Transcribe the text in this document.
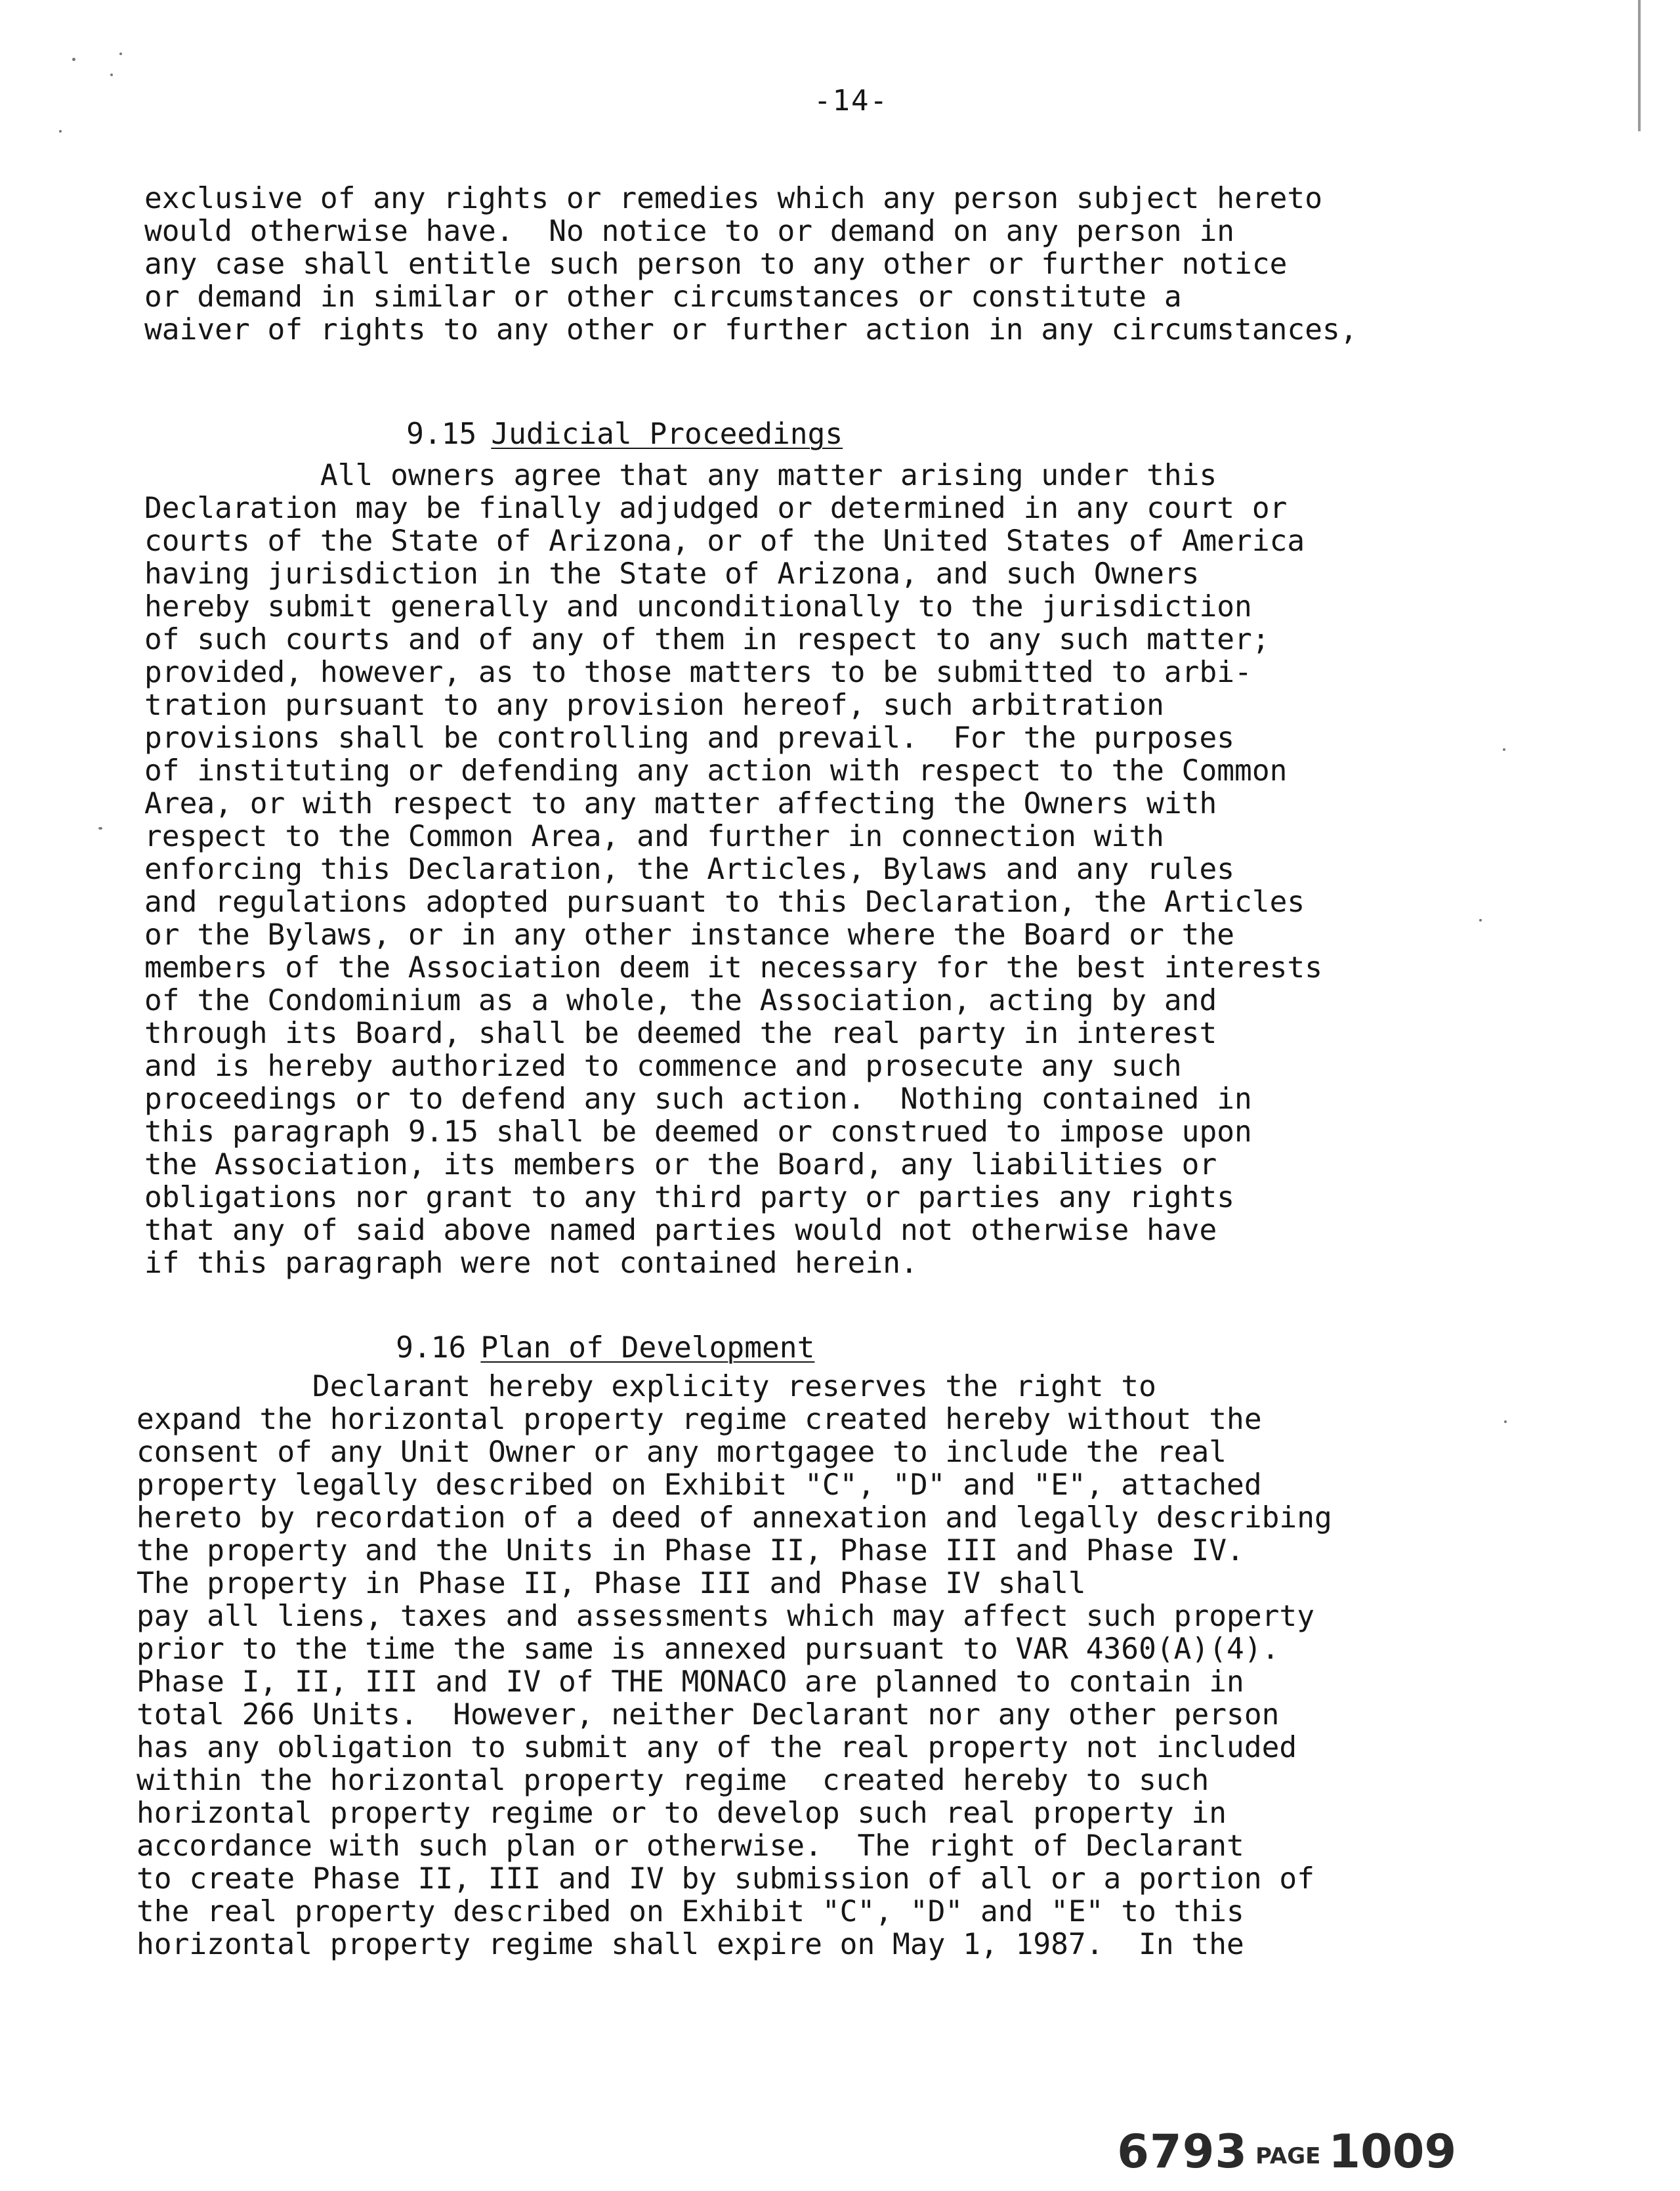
-14-
exclusive of any rights or remedies which any person subject hereto
would otherwise have.  No notice to or demand on any person in
any case shall entitle such person to any other or further notice
or demand in similar or other circumstances or constitute a
waiver of rights to any other or further action in any circumstances,

9.15 Judicial Proceedings

All owners agree that any matter arising under this
Declaration may be finally adjudged or determined in any court or
courts of the State of Arizona, or of the United States of America
having jurisdiction in the State of Arizona, and such Owners
hereby submit generally and unconditionally to the jurisdiction
of such courts and of any of them in respect to any such matter;
provided, however, as to those matters to be submitted to arbi-
tration pursuant to any provision hereof, such arbitration
provisions shall be controlling and prevail.  For the purposes
of instituting or defending any action with respect to the Common
Area, or with respect to any matter affecting the Owners with
respect to the Common Area, and further in connection with
enforcing this Declaration, the Articles, Bylaws and any rules
and regulations adopted pursuant to this Declaration, the Articles
or the Bylaws, or in any other instance where the Board or the
members of the Association deem it necessary for the best interests
of the Condominium as a whole, the Association, acting by and
through its Board, shall be deemed the real party in interest
and is hereby authorized to commence and prosecute any such
proceedings or to defend any such action.  Nothing contained in
this paragraph 9.15 shall be deemed or construed to impose upon
the Association, its members or the Board, any liabilities or
obligations nor grant to any third party or parties any rights
that any of said above named parties would not otherwise have
if this paragraph were not contained herein.

9.16 Plan of Development

Declarant hereby explicity reserves the right to
expand the horizontal property regime created hereby without the
consent of any Unit Owner or any mortgagee to include the real
property legally described on Exhibit "C", "D" and "E", attached
hereto by recordation of a deed of annexation and legally describing
the property and the Units in Phase II, Phase III and Phase IV.
The property in Phase II, Phase III and Phase IV shall
pay all liens, taxes and assessments which may affect such property
prior to the time the same is annexed pursuant to VAR 4360(A)(4).
Phase I, II, III and IV of THE MONACO are planned to contain in
total 266 Units.  However, neither Declarant nor any other person
has any obligation to submit any of the real property not included
within the horizontal property regime  created hereby to such
horizontal property regime or to develop such real property in
accordance with such plan or otherwise.  The right of Declarant
to create Phase II, III and IV by submission of all or a portion of
the real property described on Exhibit "C", "D" and "E" to this
horizontal property regime shall expire on May 1, 1987.  In the

6793 PAGE 1009
